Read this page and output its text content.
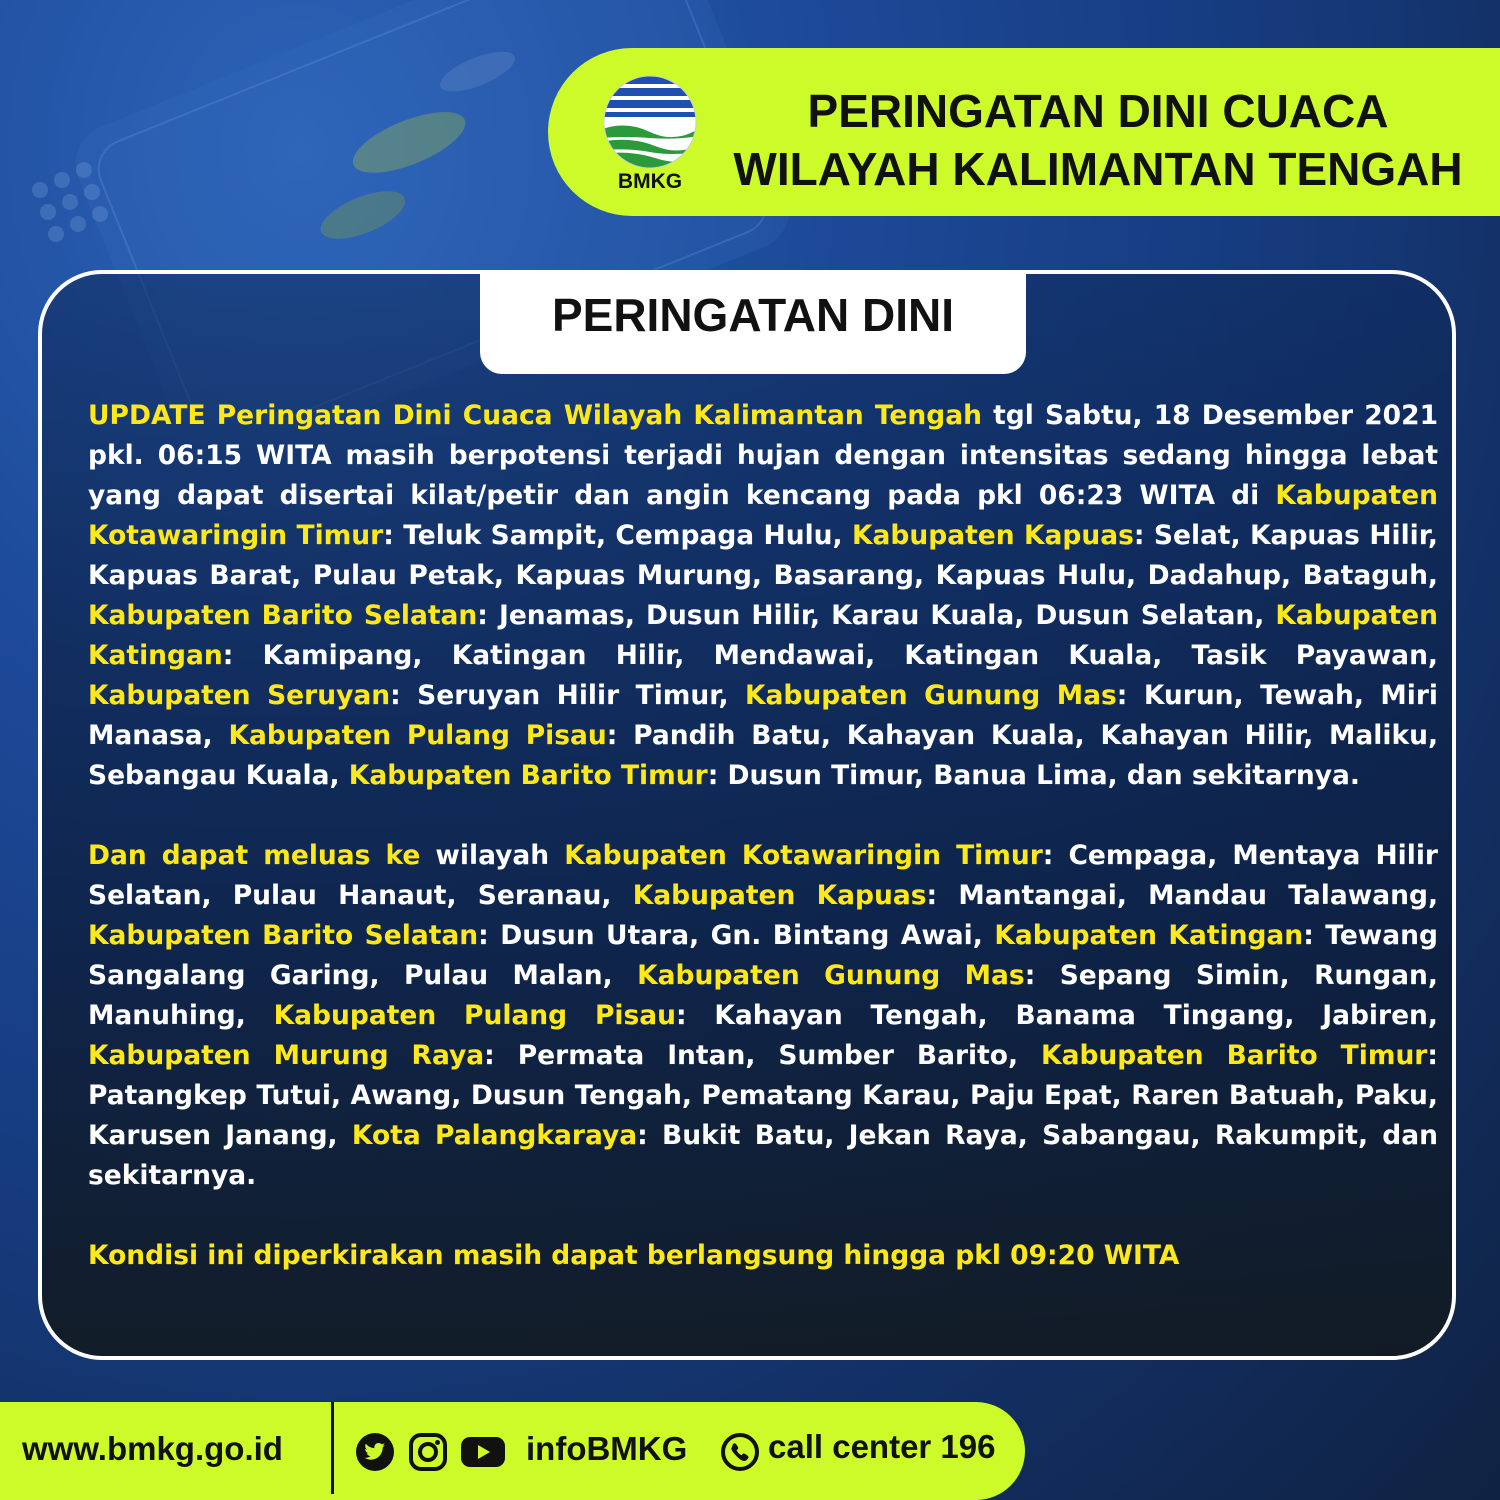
BMKG
PERINGATAN DINI CUACA
WILAYAH KALIMANTAN TENGAH
PERINGATAN DINI

UPDATE Peringatan Dini Cuaca Wilayah Kalimantan Tengah tgl Sabtu, 18 Desember 2021 pkl. 06:15 WITA masih berpotensi terjadi hujan dengan intensitas sedang hingga lebat yang dapat disertai kilat/petir dan angin kencang pada pkl 06:23 WITA di Kabupaten Kotawaringin Timur: Teluk Sampit, Cempaga Hulu, Kabupaten Kapuas: Selat, Kapuas Hilir, Kapuas Barat, Pulau Petak, Kapuas Murung, Basarang, Kapuas Hulu, Dadahup, Bataguh, Kabupaten Barito Selatan: Jenamas, Dusun Hilir, Karau Kuala, Dusun Selatan, Kabupaten Katingan: Kamipang, Katingan Hilir, Mendawai, Katingan Kuala, Tasik Payawan, Kabupaten Seruyan: Seruyan Hilir Timur, Kabupaten Gunung Mas: Kurun, Tewah, Miri Manasa, Kabupaten Pulang Pisau: Pandih Batu, Kahayan Kuala, Kahayan Hilir, Maliku, Sebangau Kuala, Kabupaten Barito Timur: Dusun Timur, Banua Lima, dan sekitarnya.

Dan dapat meluas ke wilayah Kabupaten Kotawaringin Timur: Cempaga, Mentaya Hilir Selatan, Pulau Hanaut, Seranau, Kabupaten Kapuas: Mantangai, Mandau Talawang, Kabupaten Barito Selatan: Dusun Utara, Gn. Bintang Awai, Kabupaten Katingan: Tewang Sangalang Garing, Pulau Malan, Kabupaten Gunung Mas: Sepang Simin, Rungan, Manuhing, Kabupaten Pulang Pisau: Kahayan Tengah, Banama Tingang, Jabiren, Kabupaten Murung Raya: Permata Intan, Sumber Barito, Kabupaten Barito Timur: Patangkep Tutui, Awang, Dusun Tengah, Pematang Karau, Paju Epat, Raren Batuah, Paku, Karusen Janang, Kota Palangkaraya: Bukit Batu, Jekan Raya, Sabangau, Rakumpit, dan sekitarnya.

Kondisi ini diperkirakan masih dapat berlangsung hingga pkl 09:20 WITA

www.bmkg.go.id	infoBMKG call center 196
